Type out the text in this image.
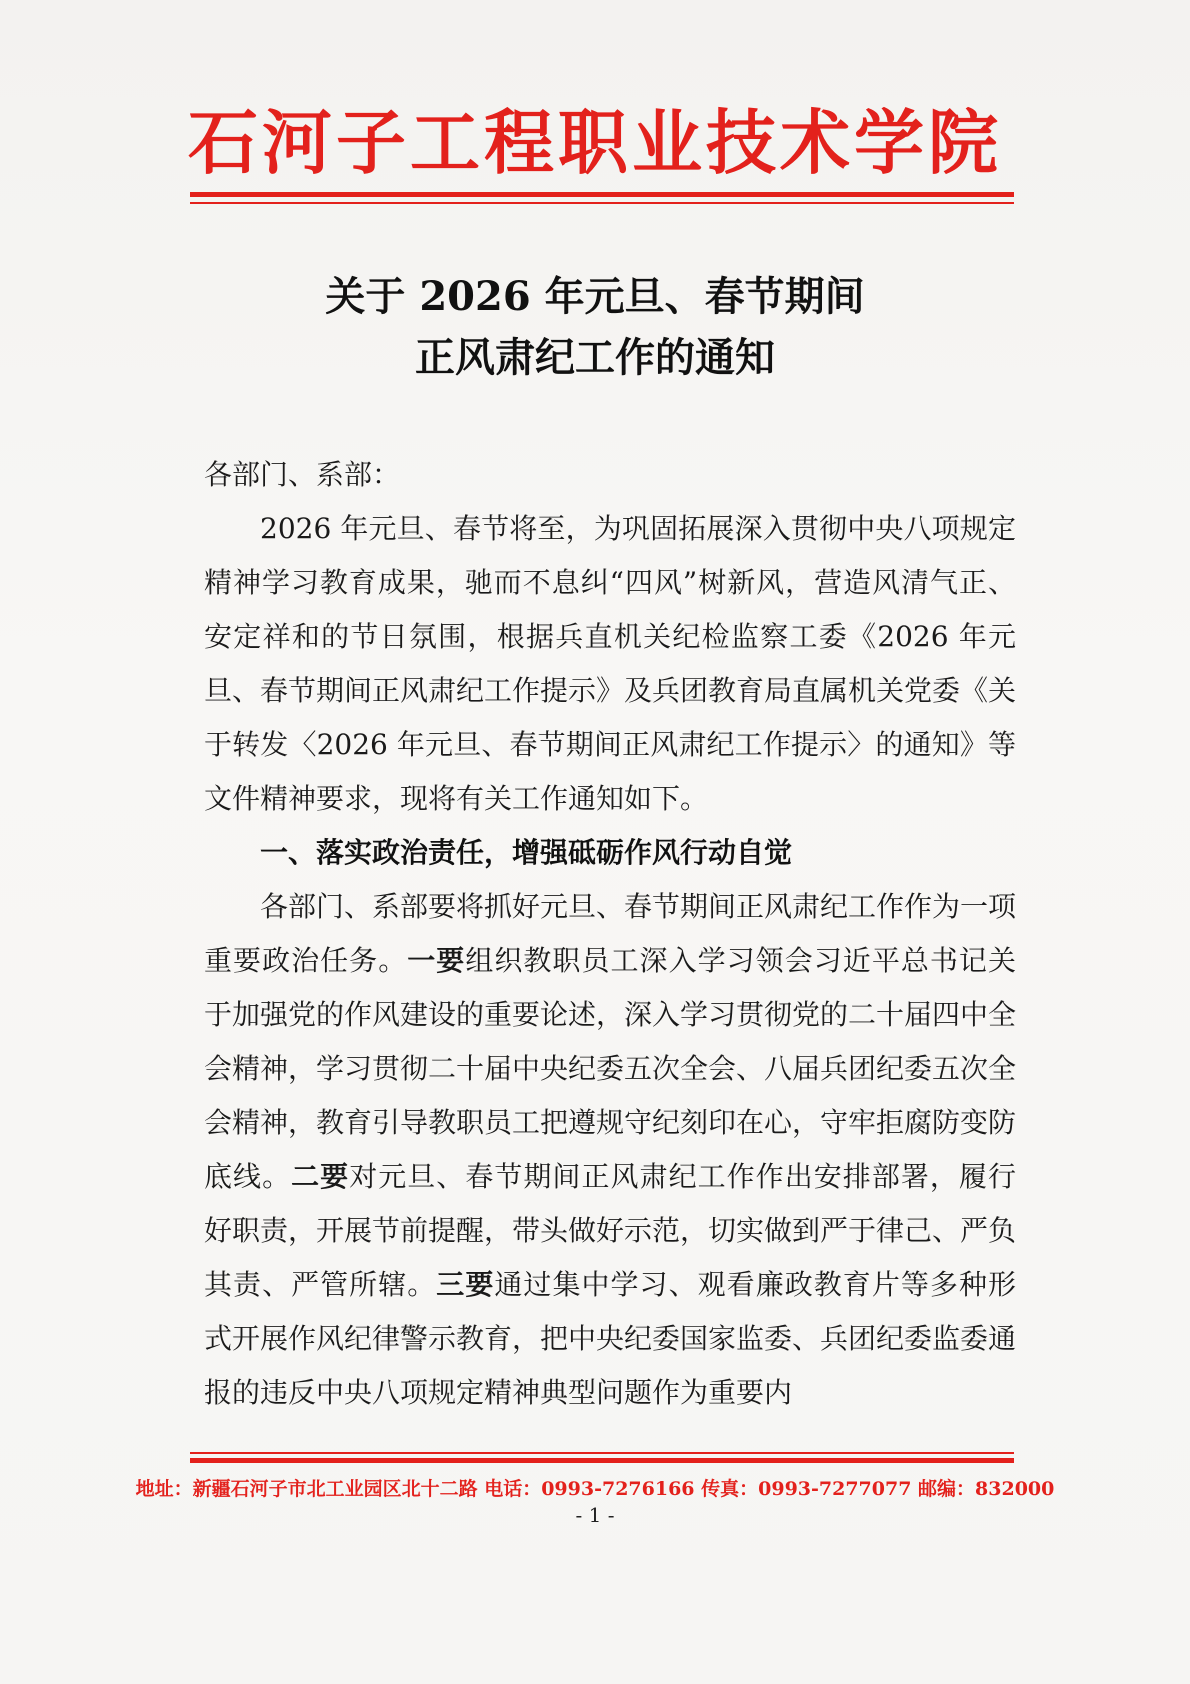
石河子工程职业技术学院
关于 2026 年元旦、春节期间
正风肃纪工作的通知
各部门、系部：

2026 年元旦、春节将至，为巩固拓展深入贯彻中央八项规定精神学习教育成果，驰而不息纠“四风”树新风，营造风清气正、安定祥和的节日氛围，根据兵直机关纪检监察工委《2026 年元旦、春节期间正风肃纪工作提示》及兵团教育局直属机关党委《关于转发〈2026 年元旦、春节期间正风肃纪工作提示〉的通知》等文件精神要求，现将有关工作通知如下。

一、落实政治责任，增强砥砺作风行动自觉

各部门、系部要将抓好元旦、春节期间正风肃纪工作作为一项重要政治任务。一要组织教职员工深入学习领会习近平总书记关于加强党的作风建设的重要论述，深入学习贯彻党的二十届四中全会精神，学习贯彻二十届中央纪委五次全会、八届兵团纪委五次全会精神，教育引导教职员工把遵规守纪刻印在心，守牢拒腐防变防底线。二要对元旦、春节期间正风肃纪工作作出安排部署，履行好职责，开展节前提醒，带头做好示范，切实做到严于律己、严负其责、严管所辖。三要通过集中学习、观看廉政教育片等多种形式开展作风纪律警示教育，把中央纪委国家监委、兵团纪委监委通报的违反中央八项规定精神典型问题作为重要内

地址：新疆石河子市北工业园区北十二路 电话：0993-7276166 传真：0993-7277077 邮编：832000
- 1 -
